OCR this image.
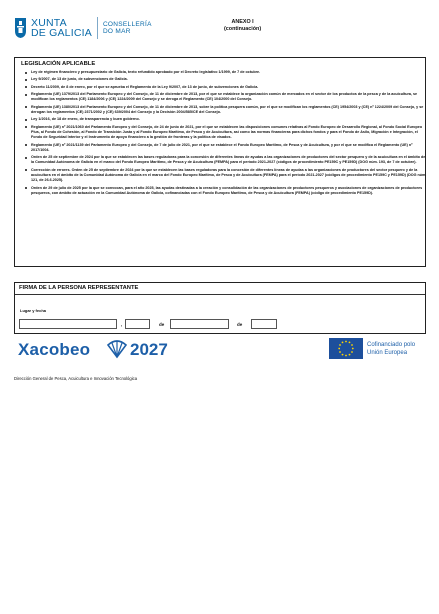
XUNTA
DE GALICIA
CONSELLERÍA
DO MAR
ANEXO I
(continuación)
LEGISLACIÓN APLICABLE
Ley de régimen financiero y presupuestario de Galicia, texto refundido aprobado por el Decreto legislativo 1/1999, de 7 de octubre.
Ley 9/2007, de 13 de junio, de subvenciones de Galicia.
Decreto 11/2009, de 8 de enero, por el que se aprueba el Reglamento de la Ley 9/2007, de 13 de junio, de subvenciones de Galicia.
Reglamento (UE) 1379/2013 del Parlamento Europeo y del Consejo, de 11 de diciembre de 2013, por el que se establece la organización común de mercados en el sector de los productos de la pesca y de la acuicultura, se modifican los reglamentos (CE) 1184/2006 y (CE) 1224/2009 del Consejo y se deroga el Reglamento (CE) 104/2000 del Consejo.
Reglamento (UE) 1380/2013 del Parlamento Europeo y del Consejo, de 11 de diciembre de 2013, sobre la política pesquera común, por el que se modifican los reglamentos (CE) 1954/2003 y (CE) nº 1224/2009 del Consejo, y se derogan los reglamentos (CE) 2371/2002 y (CE) 639/2004 del Consejo y la Decisión 2004/585/CE del Consejo.
Ley 1/2016, de 18 de enero, de transparencia y buen gobierno.
Reglamento (UE) nº 2021/1060 del Parlamento Europeo y del Consejo, de 24 de junio de 2021, por el que se establecen las disposiciones comunes relativas al Fondo Europeo de Desarrollo Regional, al Fondo Social Europeo Plus, al Fondo de Cohesión, al Fondo de Transición Justa y al Fondo Europeo Marítimo, de Pesca y de Acuicultura, así como las normas financieras para dichos fondos y para el Fondo de Asilo, Migración e Integración, el Fondo de Seguridad Interior y el Instrumento de apoyo financiero a la gestión de fronteras y la política de visados.
Reglamento (UE) nº 2021/1139 del Parlamento Europeo y del Consejo, de 7 de julio de 2021, por el que se establece el Fondo Europeo Marítimo, de Pesca y de Acuicultura, y por el que se modifica el Reglamento (UE) nº 2017/1004.
Orden de 25 de septiembre de 2024 por la que se establecen las bases reguladoras para la concesión de diferentes líneas de ayudas a las organizaciones de productores del sector pesquero y de la acuicultura en el ámbito de la Comunidad Autónoma de Galicia en el marco del Fondo Europeo Marítimo, de Pesca y de Acuicultura (FEMPA) para el período 2021-2027 (códigos de procedimiento PE159C y PE159D) (DOG núm. 193, de 7 de octubre).
Corrección de errores. Orden de 25 de septiembre de 2024 por la que se establecen las bases reguladoras para la concesión de diferentes líneas de ayudas a las organizaciones de productores del sector pesquero y de la acuicultura en el ámbito de la Comunidad Autónoma de Galicia en el marco del Fondo Europeo Marítimo, de Pesca y de Acuicultura (FEMPA) para el período 2021-2027 (códigos de procedimiento PE159C y PE159D) (DOG núm. 121, de 26.6.2025).
Orden de 29 de julio de 2025 por la que se convocan, para el año 2025, las ayudas destinadas a la creación y consolidación de las organizaciones de productores pesqueros y asociaciones de organizaciones de productores pesqueros, con ámbito de actuación en la Comunidad Autónoma de Galicia, cofinanciadas con el Fondo Europeo Marítimo, de Pesca y de Acuicultura (FEMPA) (código de procedimiento PE159D).
FIRMA DE LA PERSONA REPRESENTANTE
Lugar y fecha
,	de	de
Xacobeo 2027	Cofinanciado polo
Unión Europea
Dirección General de Pesca, Acuicultura e Innovación Tecnológica
